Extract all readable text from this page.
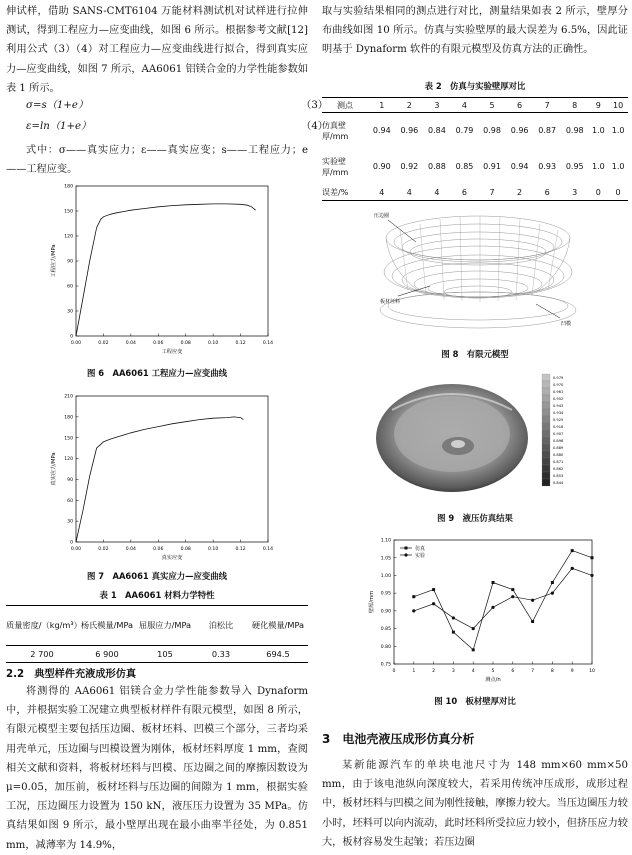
伸试样，借助 SANS-CMT6104 万能材料测试机对试样进行拉伸测试，得到工程应力—应变曲线，如图 6 所示。根据参考文献[12]利用公式（3）（4）对工程应力—应变曲线进行拟合，得到真实应力—应变曲线，如图 7 所示，AA6061 铝镁合金的力学性能参数如表 1 所示。

σ=s（1+e）	（3）
ε=ln（1+e）	（4）

式中：σ——真实应力；ε——真实应变；s——工程应力；e——工程应变。

0.00	0.02	0.04	0.06	0.08	0.10	0.12	0.14
0
30
60
90
120
150
180
工程应变
工程应力/MPa
图 6　AA6061 工程应力—应变曲线
0.00	0.02	0.04	0.06	0.08	0.10	0.12	0.14
0
30
60
90
120
150
180
210
真实应变
真实应力/MPa
图 7　AA6061 真实应力—应变曲线
表 1　AA6061 材料力学特性
质量密度/（kg/m³）	杨氏模量/MPa	屈服应力/MPa	泊松比	硬化模量/MPa
2 700	6 900	105	0.33	694.5
2.2　典型样件充液成形仿真

将测得的 AA6061 铝镁合金力学性能参数导入 Dynaform 中，并根据实验工况建立典型板材样件有限元模型，如图 8 所示，有限元模型主要包括压边圈、板材坯料、凹模三个部分，三者均采用壳单元，压边圈与凹模设置为刚体，板材坯料厚度 1 mm，查阅相关文献和资料，将板材坯料与凹模、压边圈之间的摩擦因数设为 μ=0.05，加压前，板材坯料与压边圈的间隙为 1 mm，根据实验工况，压边圈压力设置为 150 kN，液压压力设置为 35 MPa。仿真结果如图 9 所示，最小壁厚出现在最小曲率半径处，为 0.851 mm，减薄率为 14.9%，

取与实验结果相同的测点进行对比，测量结果如表 2 所示，壁厚分布曲线如图 10 所示。仿真与实验壁厚的最大误差为 6.5%，因此证明基于 Dynaform 软件的有限元模型及仿真方法的正确性。

表 2　仿真与实验壁厚对比
测点	1	2	3	4	5	6	7	8	9	10
仿真壁厚/mm	0.94	0.96	0.84	0.79	0.98	0.96	0.87	0.98	1.0	1.0
实验壁厚/mm	0.90	0.92	0.88	0.85	0.91	0.94	0.93	0.95	1.0	1.0
误差/%	4	4	4	6	7	2	6	3	0	0
压边圈
板材坯料
凹模
图 8　有限元模型
0.979
0.970
0.961
0.952
0.943
0.934
0.925
0.916
0.907
0.898
0.889
0.880
0.871
0.862
0.853
0.844
图 9　液压仿真结果
0	1	2	3	4	5	6	7	8	9	10
0.75
0.80
0.85
0.90
0.95
1.00
1.05
1.10
测点/n
壁厚/mm
仿真
实验
图 10　板材壁厚对比
3　电池壳液压成形仿真分析

某新能源汽车的单块电池尺寸为 148 mm×60 mm×50 mm，由于该电池纵向深度较大，若采用传统冲压成形，成形过程中，板材坯料与凹模之间为刚性接触，摩擦力较大。当压边圈压力较小时，坯料可以向内流动，此时坯料所受拉应力较小，但挤压应力较大，板材容易发生起皱；若压边圈
